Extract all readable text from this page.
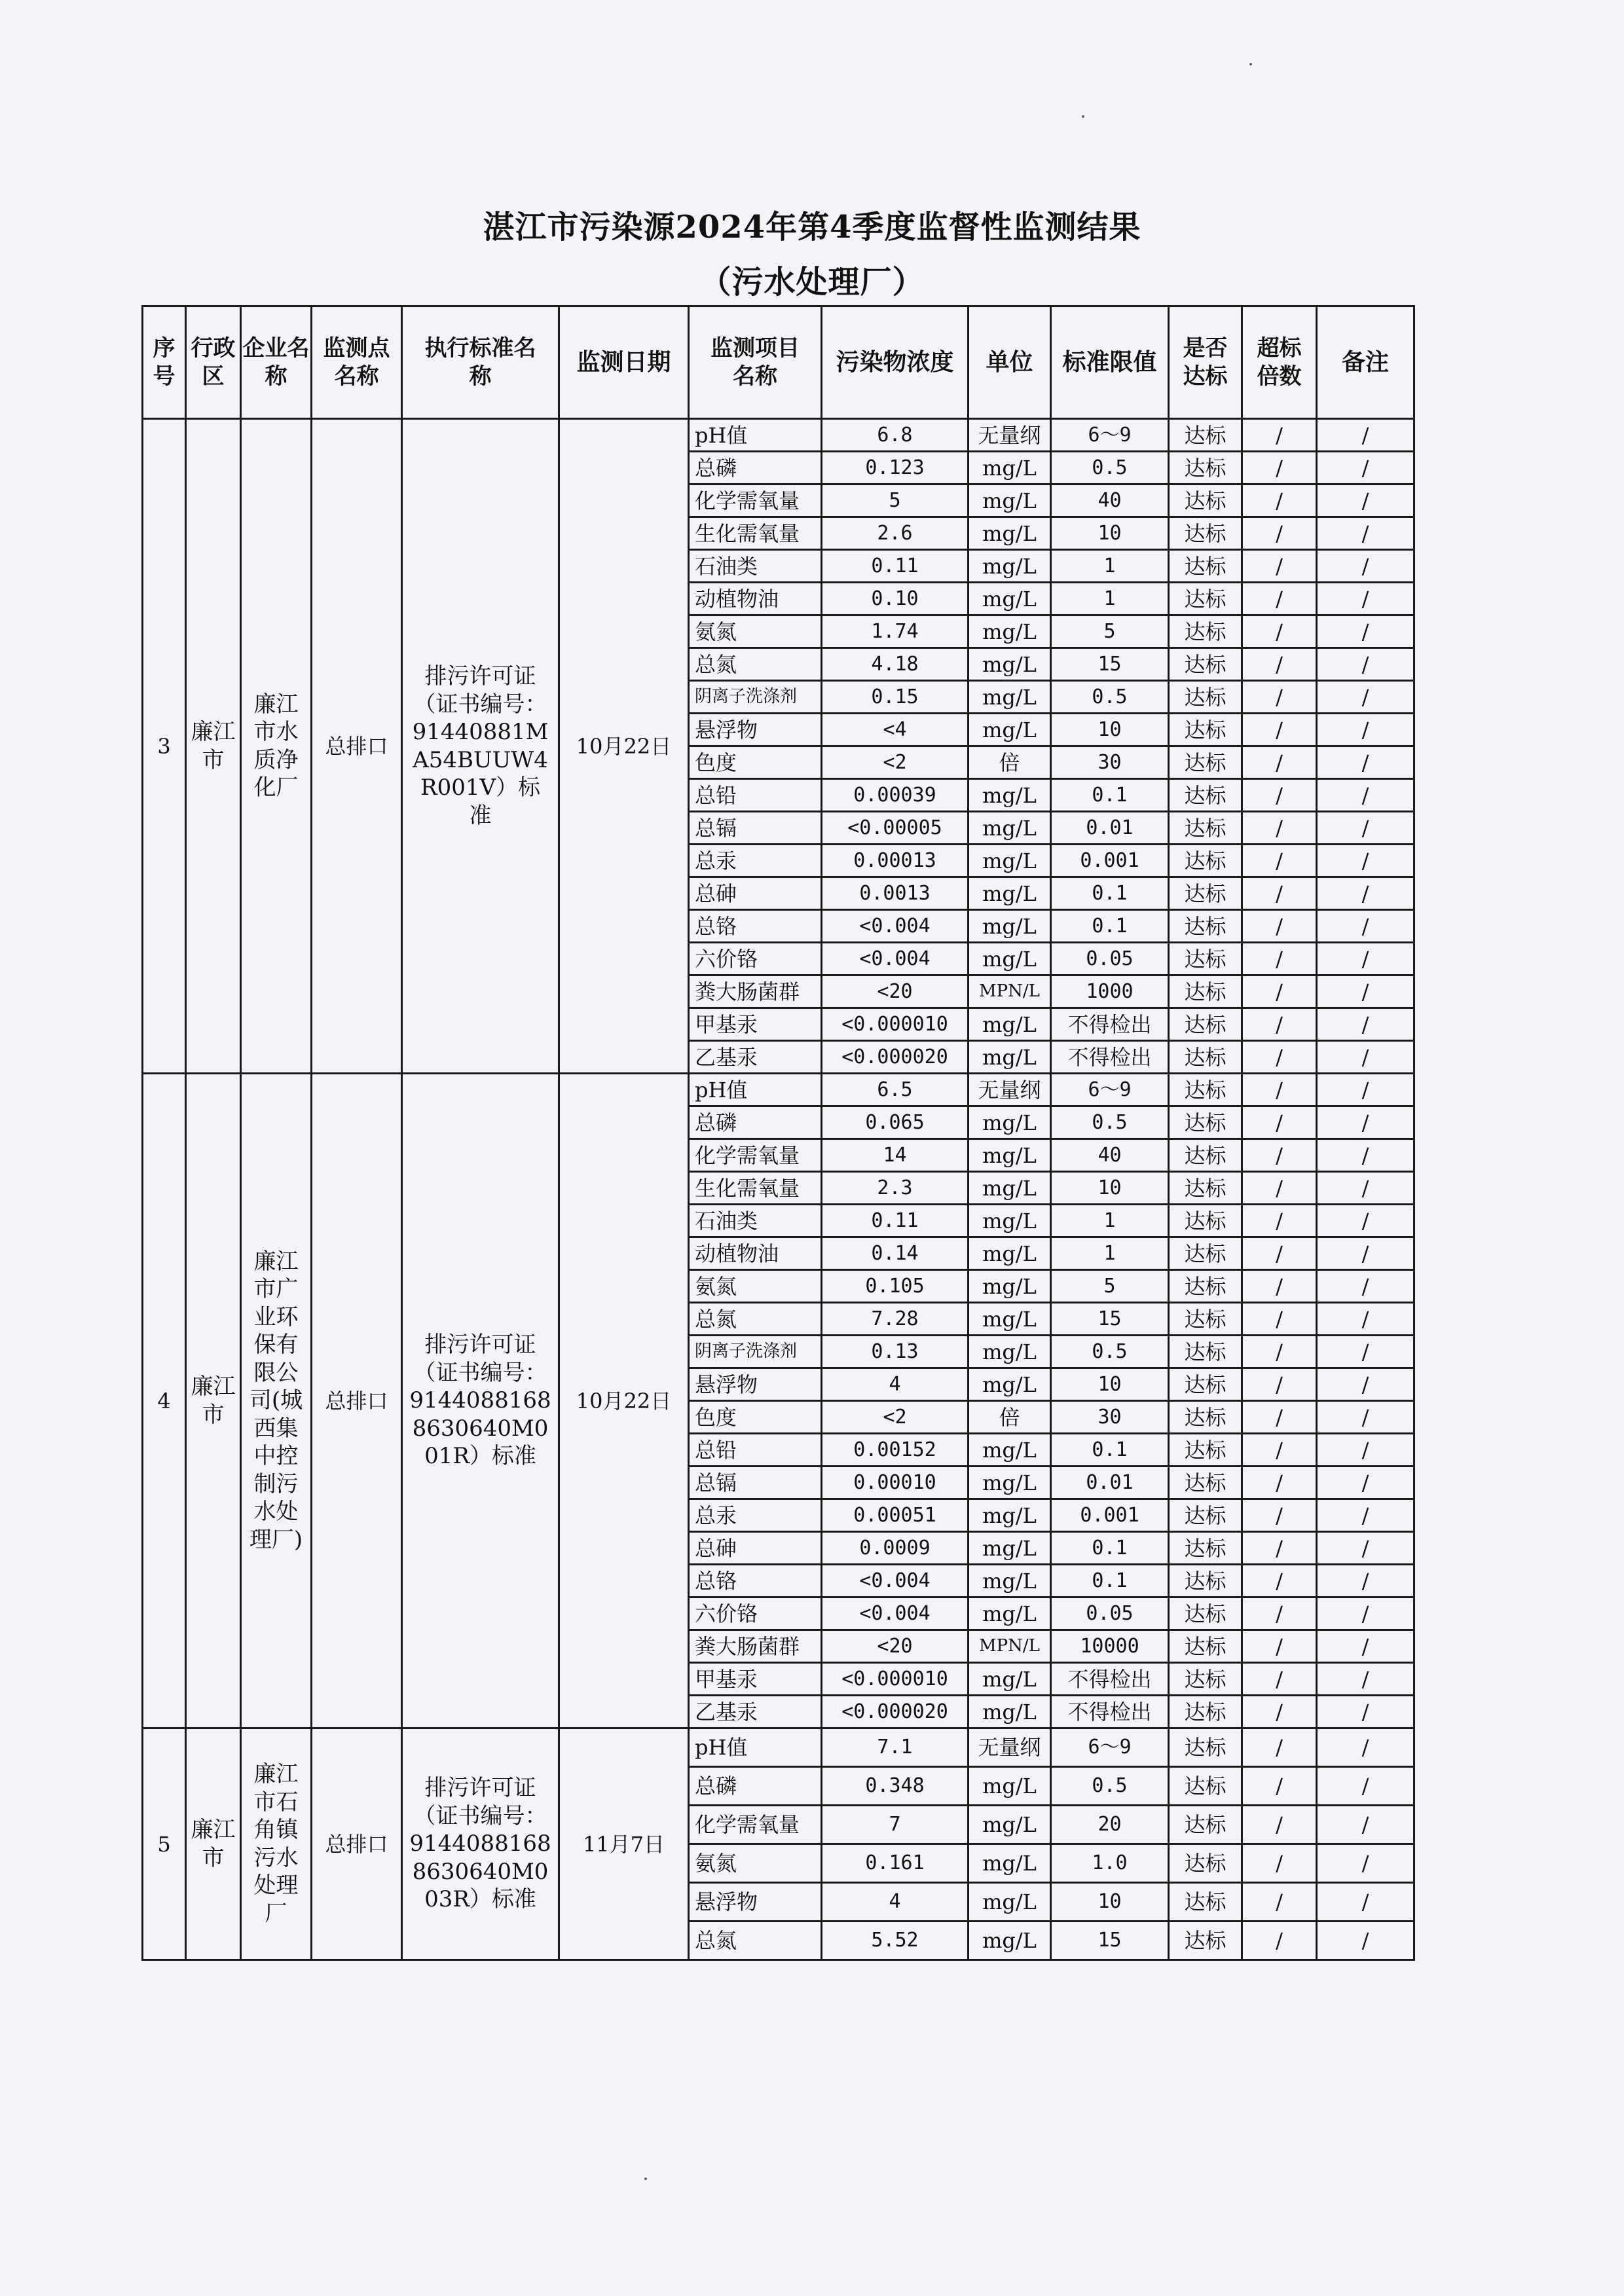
湛江市污染源2024年第4季度监督性监测结果
（污水处理厂）
序号	行政区	企业名称	监测点名称	执行标准名称	监测日期	监测项目名称	污染物浓度	单位	标准限值	是否达标	超标倍数	备注
3	廉江市	廉江市水质净化厂	总排口	排污许可证（证书编号：91440881MA54BUUW4R001V）标准	10月22日	pH值	6.8	无量纲	6～9	达标	/	/
						总磷	0.123	mg/L	0.5	达标	/	/
						化学需氧量	5	mg/L	40	达标	/	/
						生化需氧量	2.6	mg/L	10	达标	/	/
						石油类	0.11	mg/L	1	达标	/	/
						动植物油	0.10	mg/L	1	达标	/	/
						氨氮	1.74	mg/L	5	达标	/	/
						总氮	4.18	mg/L	15	达标	/	/
						阴离子洗涤剂	0.15	mg/L	0.5	达标	/	/
						悬浮物	<4	mg/L	10	达标	/	/
						色度	<2	倍	30	达标	/	/
						总铅	0.00039	mg/L	0.1	达标	/	/
						总镉	<0.00005	mg/L	0.01	达标	/	/
						总汞	0.00013	mg/L	0.001	达标	/	/
						总砷	0.0013	mg/L	0.1	达标	/	/
						总铬	<0.004	mg/L	0.1	达标	/	/
						六价铬	<0.004	mg/L	0.05	达标	/	/
						粪大肠菌群	<20	MPN/L	1000	达标	/	/
						甲基汞	<0.000010	mg/L	不得检出	达标	/	/
						乙基汞	<0.000020	mg/L	不得检出	达标	/	/
4	廉江市	廉江市广业环保有限公司(城西集中控制污水处理厂)	总排口	排污许可证（证书编号：91440881688630640M001R）标准	10月22日	pH值	6.5	无量纲	6～9	达标	/	/
						总磷	0.065	mg/L	0.5	达标	/	/
						化学需氧量	14	mg/L	40	达标	/	/
						生化需氧量	2.3	mg/L	10	达标	/	/
						石油类	0.11	mg/L	1	达标	/	/
						动植物油	0.14	mg/L	1	达标	/	/
						氨氮	0.105	mg/L	5	达标	/	/
						总氮	7.28	mg/L	15	达标	/	/
						阴离子洗涤剂	0.13	mg/L	0.5	达标	/	/
						悬浮物	4	mg/L	10	达标	/	/
						色度	<2	倍	30	达标	/	/
						总铅	0.00152	mg/L	0.1	达标	/	/
						总镉	0.00010	mg/L	0.01	达标	/	/
						总汞	0.00051	mg/L	0.001	达标	/	/
						总砷	0.0009	mg/L	0.1	达标	/	/
						总铬	<0.004	mg/L	0.1	达标	/	/
						六价铬	<0.004	mg/L	0.05	达标	/	/
						粪大肠菌群	<20	MPN/L	10000	达标	/	/
						甲基汞	<0.000010	mg/L	不得检出	达标	/	/
						乙基汞	<0.000020	mg/L	不得检出	达标	/	/
5	廉江市	廉江市石角镇污水处理厂	总排口	排污许可证（证书编号：91440881688630640M003R）标准	11月7日	pH值	7.1	无量纲	6～9	达标	/	/
						总磷	0.348	mg/L	0.5	达标	/	/
						化学需氧量	7	mg/L	20	达标	/	/
						氨氮	0.161	mg/L	1.0	达标	/	/
						悬浮物	4	mg/L	10	达标	/	/
						总氮	5.52	mg/L	15	达标	/	/
